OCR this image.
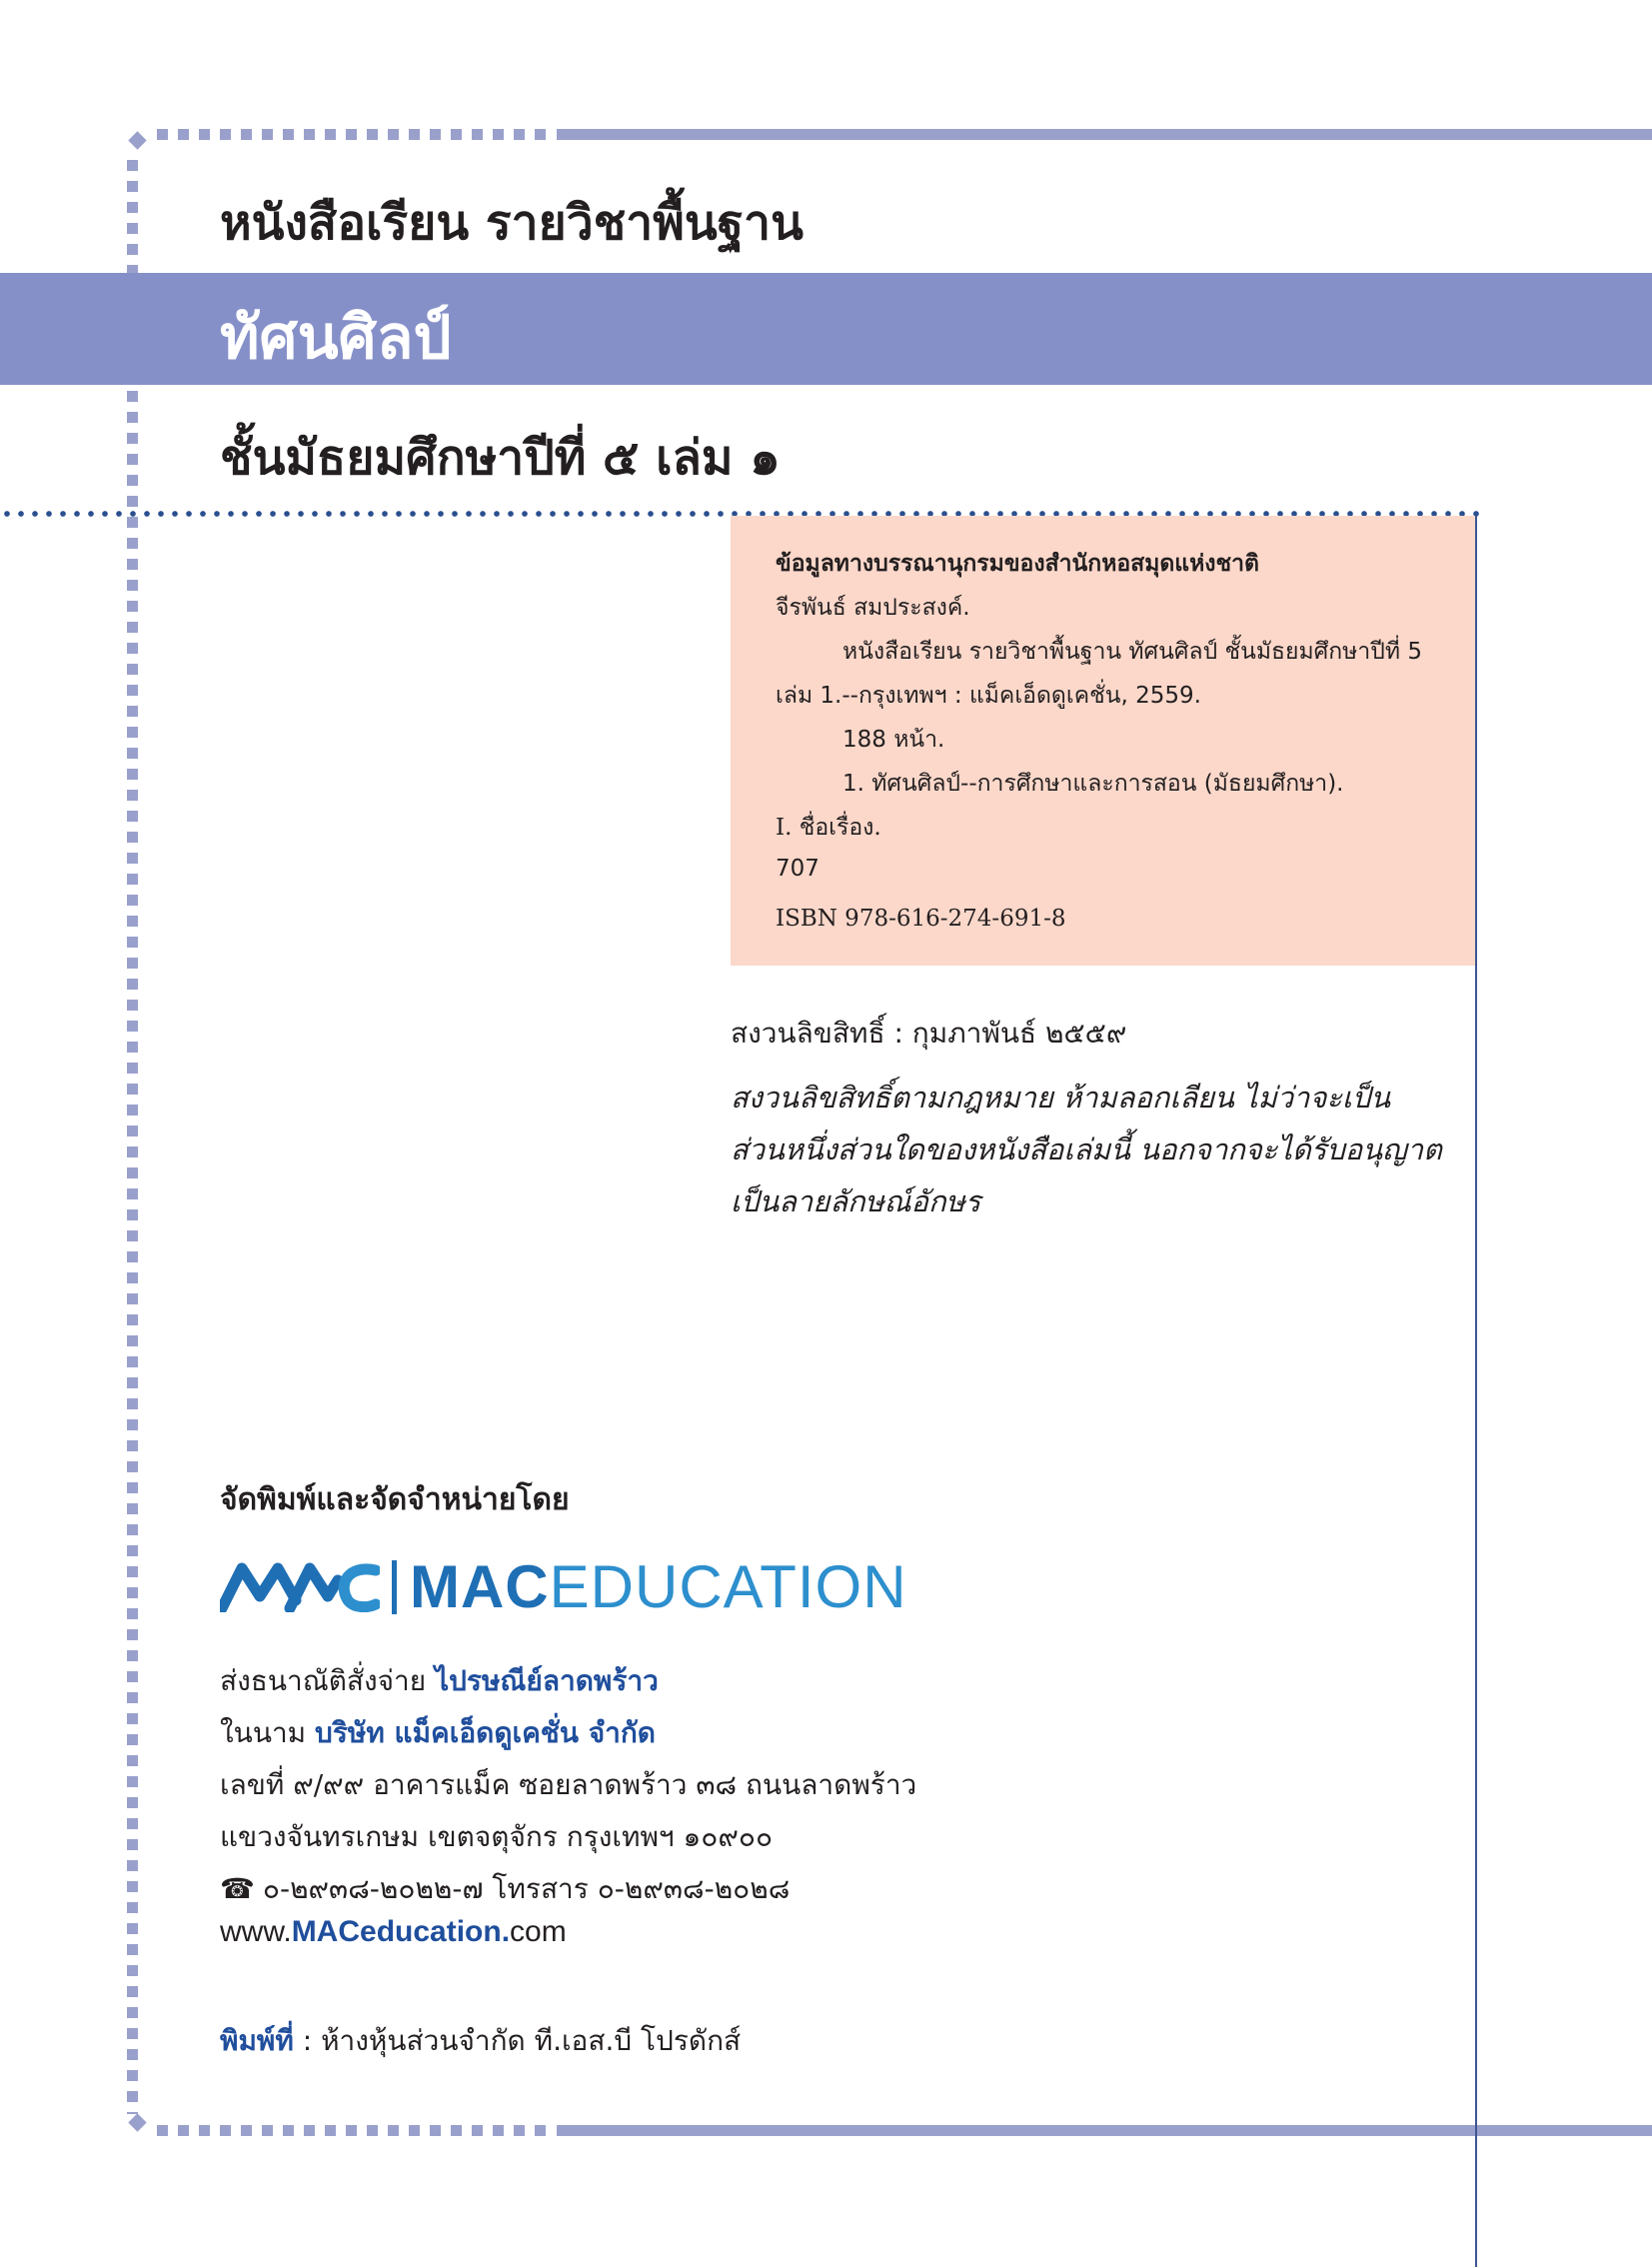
หนังสือเรียน รายวิชาพื้นฐาน
ทัศนศิลป์
ชั้นมัธยมศึกษาปีที่ ๕ เล่ม ๑
ข้อมูลทางบรรณานุกรมของสำนักหอสมุดแห่งชาติ
จีรพันธ์ สมประสงค์.
หนังสือเรียน รายวิชาพื้นฐาน ทัศนศิลป์ ชั้นมัธยมศึกษาปีที่ 5
เล่ม 1.--กรุงเทพฯ : แม็คเอ็ดดูเคชั่น, 2559.
188 หน้า.
1. ทัศนศิลป์--การศึกษาและการสอน (มัธยมศึกษา).
I. ชื่อเรื่อง.
707
ISBN 978-616-274-691-8
สงวนลิขสิทธิ์ : กุมภาพันธ์ ๒๕๕๙
สงวนลิขสิทธิ์ตามกฎหมาย ห้ามลอกเลียน ไม่ว่าจะเป็น
ส่วนหนึ่งส่วนใดของหนังสือเล่มนี้ นอกจากจะได้รับอนุญาต
เป็นลายลักษณ์อักษร
จัดพิมพ์และจัดจำหน่ายโดย
MACEDUCATION
ส่งธนาณัติสั่งจ่าย ไปรษณีย์ลาดพร้าว
ในนาม บริษัท แม็คเอ็ดดูเคชั่น จำกัด
เลขที่ ๙/๙๙ อาคารแม็ค ซอยลาดพร้าว ๓๘ ถนนลาดพร้าว
แขวงจันทรเกษม เขตจตุจักร กรุงเทพฯ ๑๐๙๐๐
☎ ๐-๒๙๓๘-๒๐๒๒-๗ โทรสาร ๐-๒๙๓๘-๒๐๒๘
www.MACeducation.com
พิมพ์ที่ : ห้างหุ้นส่วนจำกัด ที.เอส.บี โปรดักส์
